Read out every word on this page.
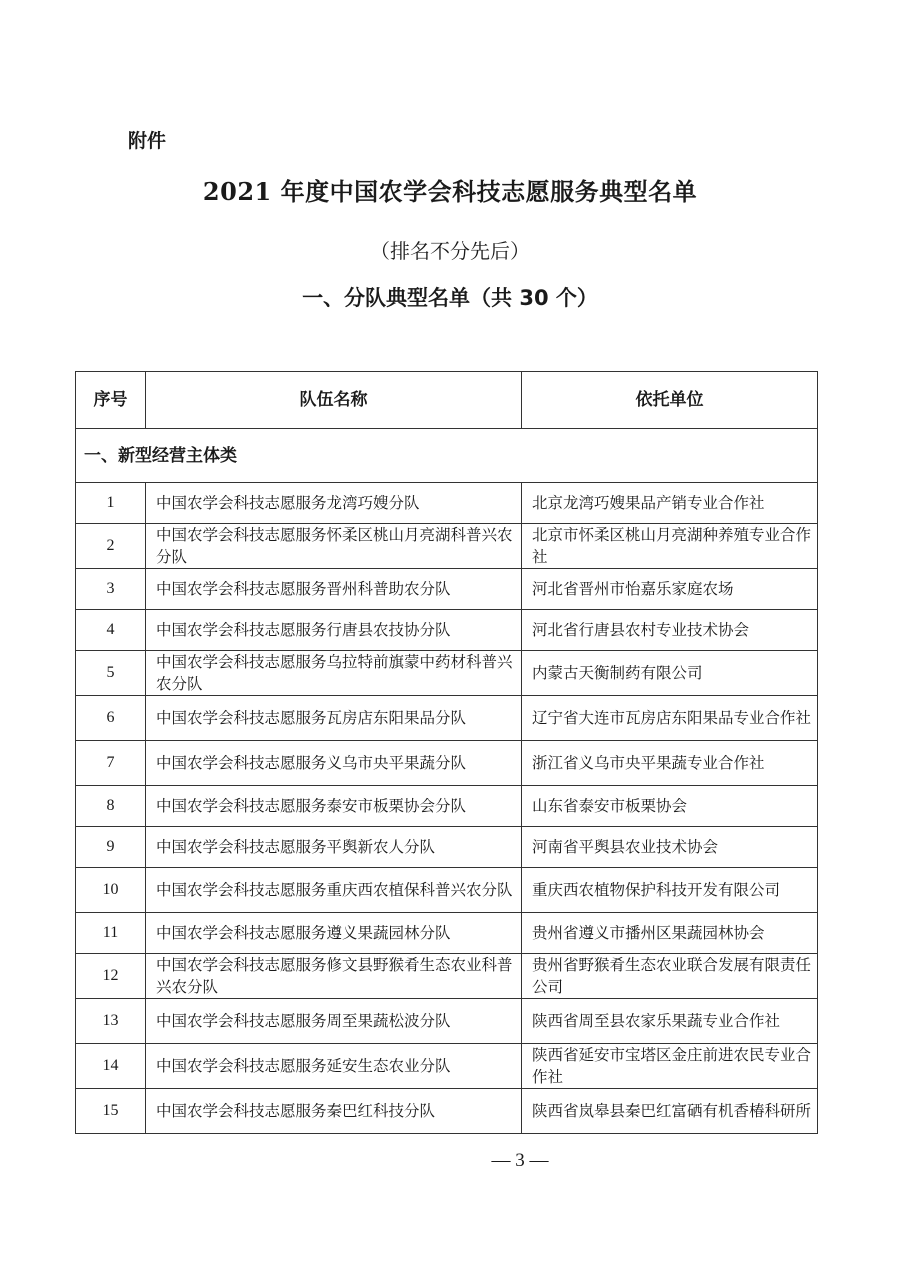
附件
2021 年度中国农学会科技志愿服务典型名单
（排名不分先后）
一、分队典型名单（共 30 个）
序号	队伍名称	依托单位
一、新型经营主体类		
1	中国农学会科技志愿服务龙湾巧嫂分队	北京龙湾巧嫂果品产销专业合作社
2	中国农学会科技志愿服务怀柔区桃山月亮湖科普兴农分队	北京市怀柔区桃山月亮湖种养殖专业合作社
3	中国农学会科技志愿服务晋州科普助农分队	河北省晋州市怡嘉乐家庭农场
4	中国农学会科技志愿服务行唐县农技协分队	河北省行唐县农村专业技术协会
5	中国农学会科技志愿服务乌拉特前旗蒙中药材科普兴农分队	内蒙古天衡制药有限公司
6	中国农学会科技志愿服务瓦房店东阳果品分队	辽宁省大连市瓦房店东阳果品专业合作社
7	中国农学会科技志愿服务义乌市央平果蔬分队	浙江省义乌市央平果蔬专业合作社
8	中国农学会科技志愿服务泰安市板栗协会分队	山东省泰安市板栗协会
9	中国农学会科技志愿服务平舆新农人分队	河南省平舆县农业技术协会
10	中国农学会科技志愿服务重庆西农植保科普兴农分队	重庆西农植物保护科技开发有限公司
11	中国农学会科技志愿服务遵义果蔬园林分队	贵州省遵义市播州区果蔬园林协会
12	中国农学会科技志愿服务修文县野猴肴生态农业科普兴农分队	贵州省野猴肴生态农业联合发展有限责任公司
13	中国农学会科技志愿服务周至果蔬松波分队	陕西省周至县农家乐果蔬专业合作社
14	中国农学会科技志愿服务延安生态农业分队	陕西省延安市宝塔区金庄前进农民专业合作社
15	中国农学会科技志愿服务秦巴红科技分队	陕西省岚皋县秦巴红富硒有机香椿科研所
— 3 —
